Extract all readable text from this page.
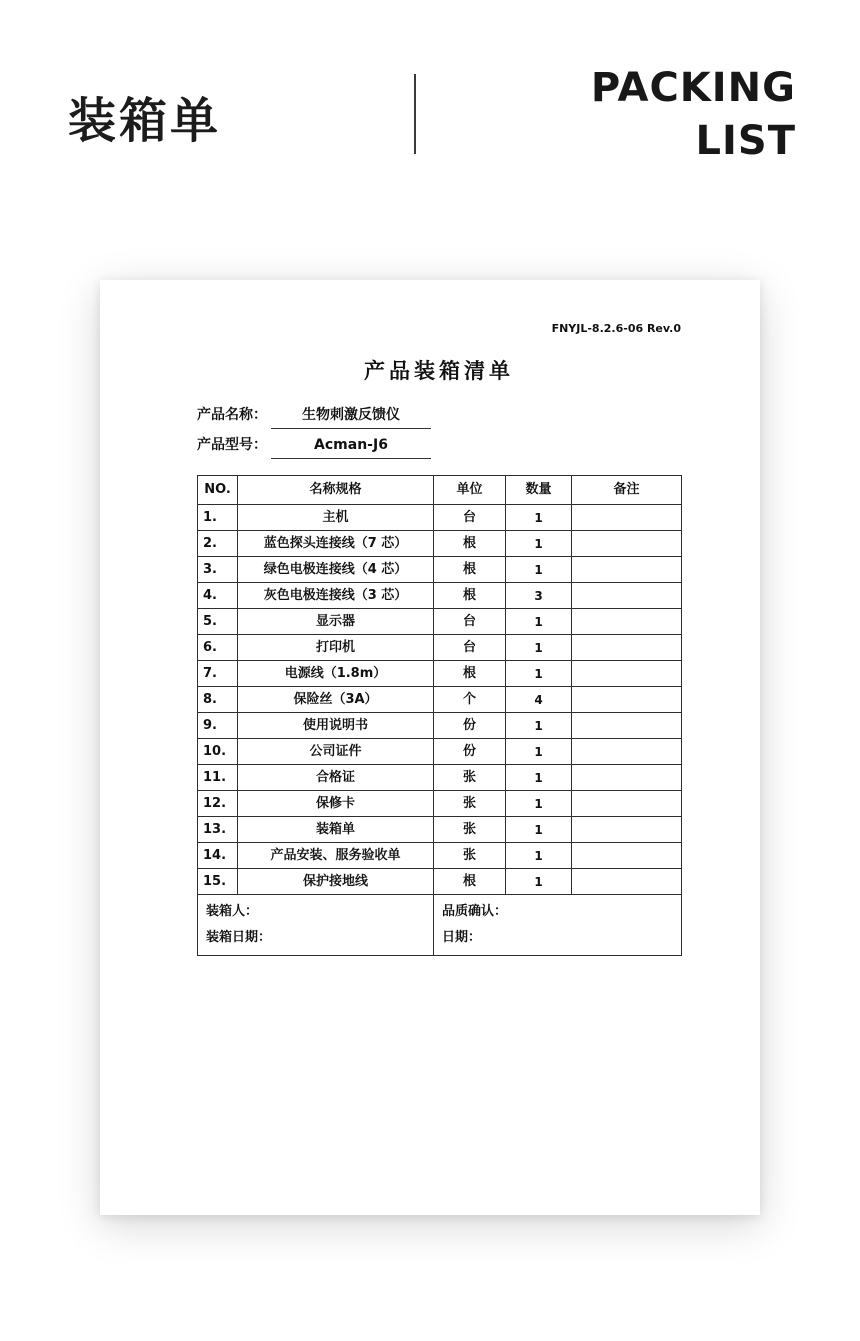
装箱单
PACKING
LIST
FNYJL-8.2.6-06 Rev.0
产品装箱清单
产品名称：	生物刺激反馈仪
产品型号：	Acman-J6
NO.	名称规格	单位	数量	备注
1.	主机	台	1	
2.	蓝色探头连接线（7 芯）	根	1	
3.	绿色电极连接线（4 芯）	根	1	
4.	灰色电极连接线（3 芯）	根	3	
5.	显示器	台	1	
6.	打印机	台	1	
7.	电源线（1.8m）	根	1	
8.	保险丝（3A）	个	4	
9.	使用说明书	份	1	
10.	公司证件	份	1	
11.	合格证	张	1	
12.	保修卡	张	1	
13.	装箱单	张	1	
14.	产品安装、服务验收单	张	1	
15.	保护接地线	根	1	

装箱人：
装箱日期：

品质确认：
日期：
